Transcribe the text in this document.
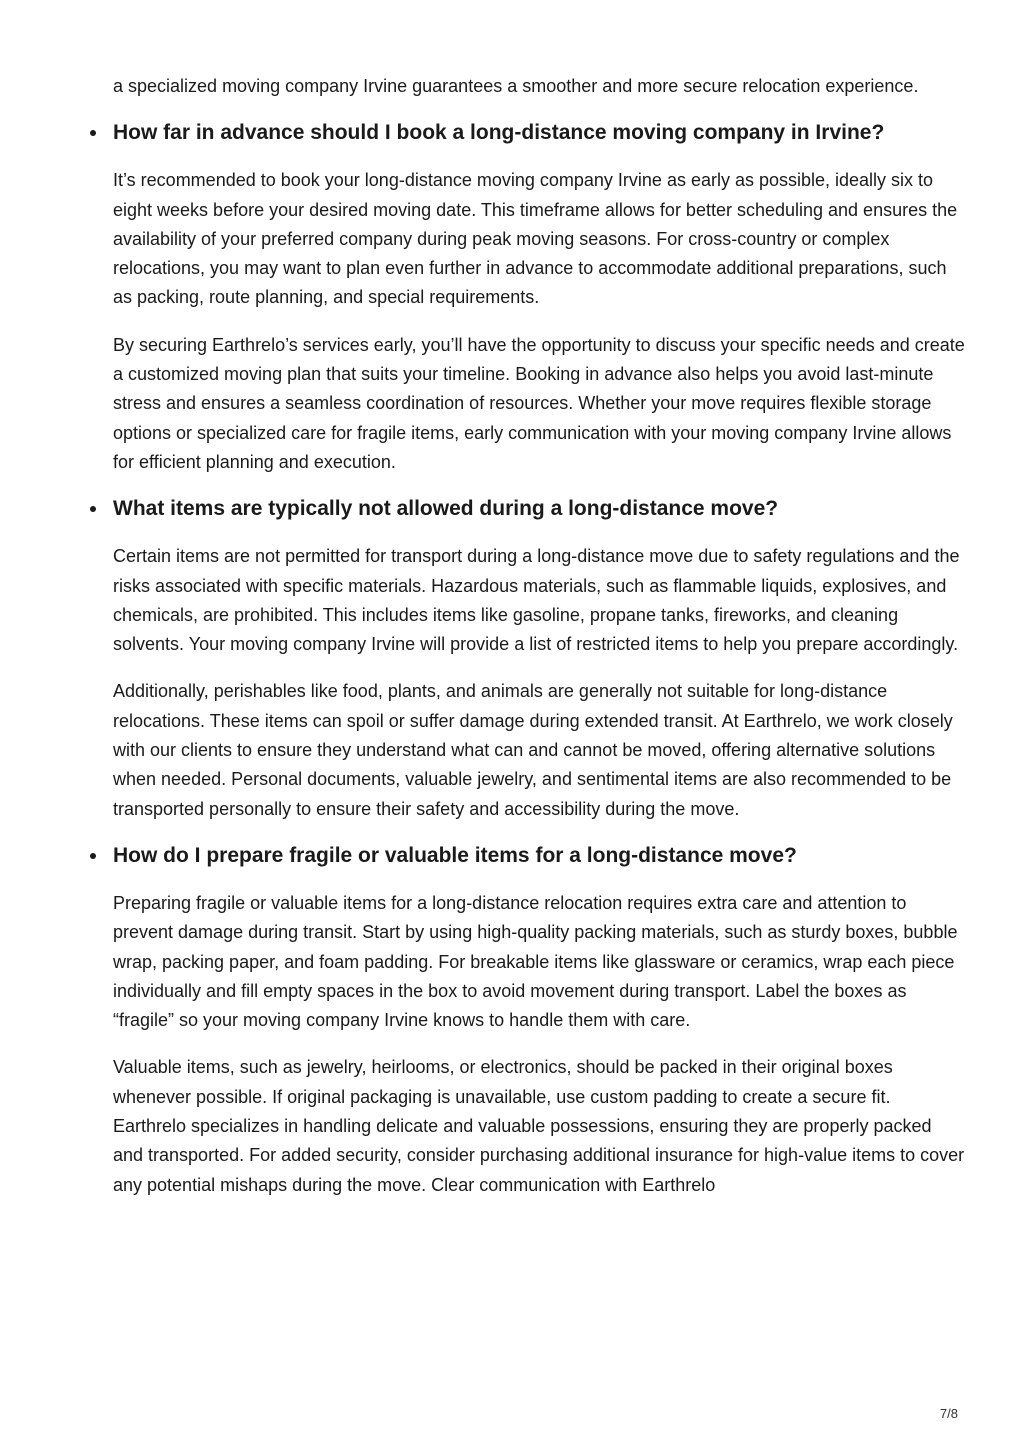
a specialized moving company Irvine guarantees a smoother and more secure relocation experience.

How far in advance should I book a long-distance moving company in Irvine?

It’s recommended to book your long-distance moving company Irvine as early as possible, ideally six to eight weeks before your desired moving date. This timeframe allows for better scheduling and ensures the availability of your preferred company during peak moving seasons. For cross-country or complex relocations, you may want to plan even further in advance to accommodate additional preparations, such as packing, route planning, and special requirements.

By securing Earthrelo’s services early, you’ll have the opportunity to discuss your specific needs and create a customized moving plan that suits your timeline. Booking in advance also helps you avoid last-minute stress and ensures a seamless coordination of resources. Whether your move requires flexible storage options or specialized care for fragile items, early communication with your moving company Irvine allows for efficient planning and execution.

What items are typically not allowed during a long-distance move?

Certain items are not permitted for transport during a long-distance move due to safety regulations and the risks associated with specific materials. Hazardous materials, such as flammable liquids, explosives, and chemicals, are prohibited. This includes items like gasoline, propane tanks, fireworks, and cleaning solvents. Your moving company Irvine will provide a list of restricted items to help you prepare accordingly.

Additionally, perishables like food, plants, and animals are generally not suitable for long-distance relocations. These items can spoil or suffer damage during extended transit. At Earthrelo, we work closely with our clients to ensure they understand what can and cannot be moved, offering alternative solutions when needed. Personal documents, valuable jewelry, and sentimental items are also recommended to be transported personally to ensure their safety and accessibility during the move.

How do I prepare fragile or valuable items for a long-distance move?

Preparing fragile or valuable items for a long-distance relocation requires extra care and attention to prevent damage during transit. Start by using high-quality packing materials, such as sturdy boxes, bubble wrap, packing paper, and foam padding. For breakable items like glassware or ceramics, wrap each piece individually and fill empty spaces in the box to avoid movement during transport. Label the boxes as “fragile” so your moving company Irvine knows to handle them with care.

Valuable items, such as jewelry, heirlooms, or electronics, should be packed in their original boxes whenever possible. If original packaging is unavailable, use custom padding to create a secure fit. Earthrelo specializes in handling delicate and valuable possessions, ensuring they are properly packed and transported. For added security, consider purchasing additional insurance for high-value items to cover any potential mishaps during the move. Clear communication with Earthrelo

7/8
